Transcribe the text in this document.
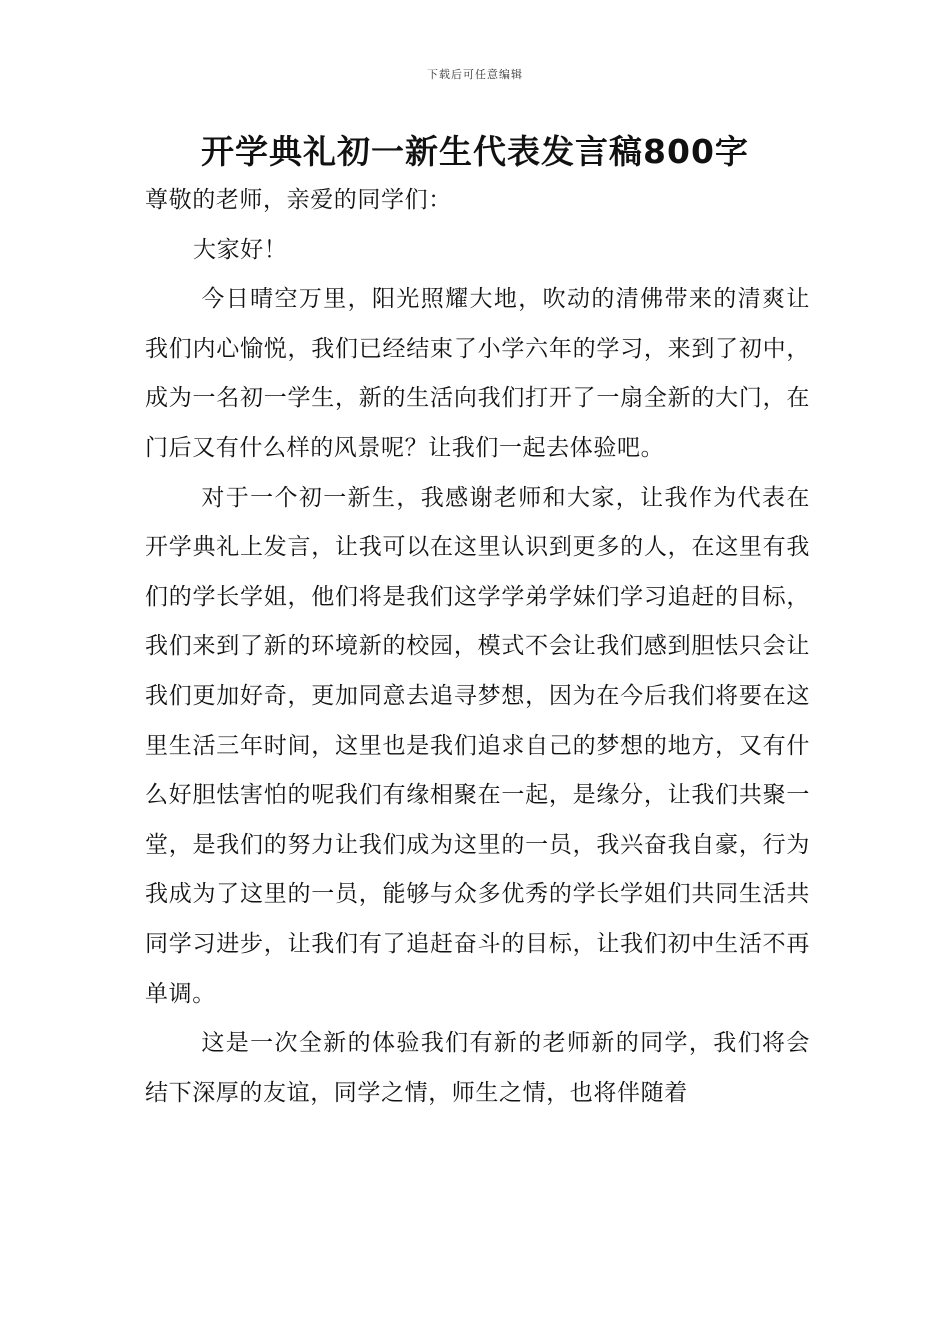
下载后可任意编辑
开学典礼初一新生代表发言稿800字

尊敬的老师，亲爱的同学们：

大家好！

今日晴空万里，阳光照耀大地，吹动的清佛带来的清爽让我们内心愉悦，我们已经结束了小学六年的学习，来到了初中，成为一名初一学生，新的生活向我们打开了一扇全新的大门，在门后又有什么样的风景呢？让我们一起去体验吧。

对于一个初一新生，我感谢老师和大家，让我作为代表在开学典礼上发言，让我可以在这里认识到更多的人，在这里有我们的学长学姐，他们将是我们这学学弟学妹们学习追赶的目标，我们来到了新的环境新的校园，模式不会让我们感到胆怯只会让我们更加好奇，更加同意去追寻梦想，因为在今后我们将要在这里生活三年时间，这里也是我们追求自己的梦想的地方，又有什么好胆怯害怕的呢我们有缘相聚在一起，是缘分，让我们共聚一堂，是我们的努力让我们成为这里的一员，我兴奋我自豪，行为我成为了这里的一员，能够与众多优秀的学长学姐们共同生活共同学习进步，让我们有了追赶奋斗的目标，让我们初中生活不再单调。

这是一次全新的体验我们有新的老师新的同学，我们将会结下深厚的友谊，同学之情，师生之情，也将伴随着
